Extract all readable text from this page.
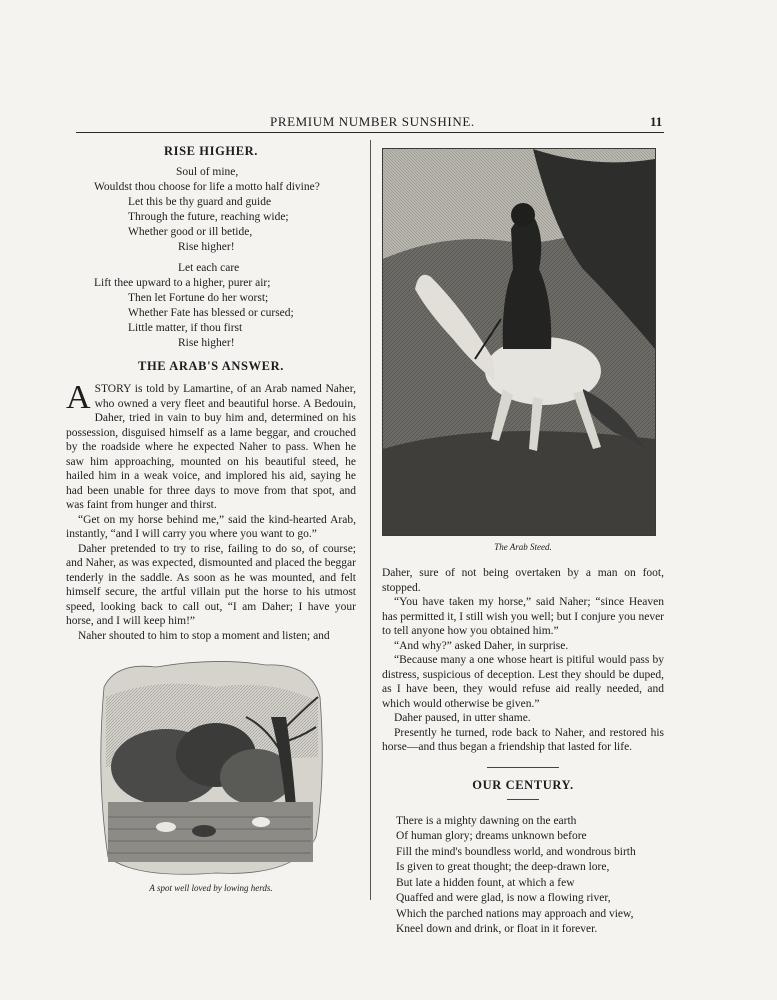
PREMIUM NUMBER SUNSHINE.	11
RISE HIGHER.
Soul of mine,
Wouldst thou choose for life a motto half divine?
Let this be thy guard and guide
Through the future, reaching wide;
Whether good or ill betide,
Rise higher!
Let each care
Lift thee upward to a higher, purer air;
Then let Fortune do her worst;
Whether Fate has blessed or cursed;
Little matter, if thou first
Rise higher!
THE ARAB'S ANSWER.

A STORY is told by Lamartine, of an Arab named Naher, who owned a very fleet and beautiful horse. A Bedouin, Daher, tried in vain to buy him and, determined on his possession, disguised himself as a lame beggar, and crouched by the roadside where he expected Naher to pass. When he saw him approaching, mounted on his beautiful steed, he hailed him in a weak voice, and implored his aid, saying he had been unable for three days to move from that spot, and was faint from hunger and thirst.

“Get on my horse behind me,” said the kind-hearted Arab, instantly, “and I will carry you where you want to go.”

Daher pretended to try to rise, failing to do so, of course; and Naher, as was expected, dismounted and placed the beggar tenderly in the saddle. As soon as he was mounted, and felt himself secure, the artful villain put the horse to his utmost speed, looking back to call out, “I am Daher; I have your horse, and I will keep him!”

Naher shouted to him to stop a moment and listen; and

A spot well loved by lowing herds.
The Arab Steed.

Daher, sure of not being overtaken by a man on foot, stopped.

“You have taken my horse,” said Naher; “since Heaven has permitted it, I still wish you well; but I conjure you never to tell anyone how you obtained him.”

“And why?” asked Daher, in surprise.

“Because many a one whose heart is pitiful would pass by distress, suspicious of deception. Lest they should be duped, as I have been, they would refuse aid really needed, and which would otherwise be given.”

Daher paused, in utter shame.

Presently he turned, rode back to Naher, and restored his horse—and thus began a friendship that lasted for life.

OUR CENTURY.
There is a mighty dawning on the earth
Of human glory; dreams unknown before
Fill the mind's boundless world, and wondrous birth
Is given to great thought; the deep-drawn lore,
But late a hidden fount, at which a few
Quaffed and were glad, is now a flowing river,
Which the parched nations may approach and view,
Kneel down and drink, or float in it forever.
